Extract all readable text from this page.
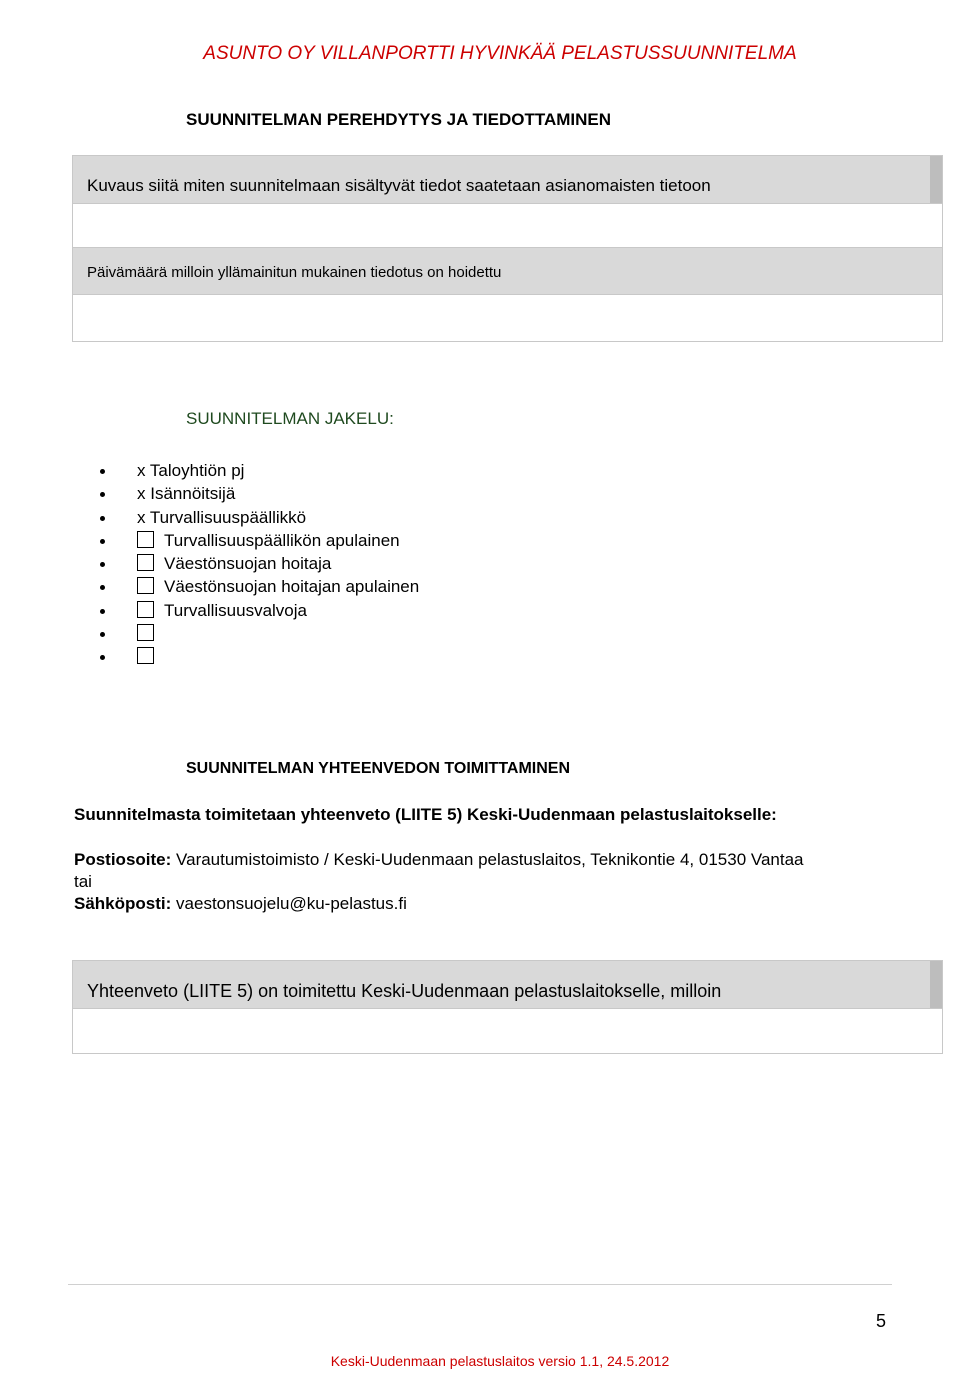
ASUNTO OY VILLANPORTTI HYVINKÄÄ PELASTUSSUUNNITELMA
SUUNNITELMAN PEREHDYTYS JA TIEDOTTAMINEN
Kuvaus siitä miten suunnitelmaan sisältyvät tiedot saatetaan asianomaisten tietoon
Päivämäärä milloin yllämainitun mukainen tiedotus on hoidettu
SUUNNITELMAN JAKELU:
x Taloyhtiön pj
x Isännöitsijä
x Turvallisuuspäällikkö
Turvallisuuspäällikön apulainen
Väestönsuojan hoitaja
Väestönsuojan hoitajan apulainen
Turvallisuusvalvoja
SUUNNITELMAN YHTEENVEDON TOIMITTAMINEN
Suunnitelmasta toimitetaan yhteenveto (LIITE 5) Keski-Uudenmaan pelastuslaitokselle:
Postiosoite: Varautumistoimisto / Keski-Uudenmaan pelastuslaitos, Teknikontie 4, 01530 Vantaa
tai
Sähköposti: vaestonsuojelu@ku-pelastus.fi
Yhteenveto (LIITE 5) on toimitettu Keski-Uudenmaan pelastuslaitokselle, milloin
5
Keski-Uudenmaan pelastuslaitos versio 1.1, 24.5.2012
